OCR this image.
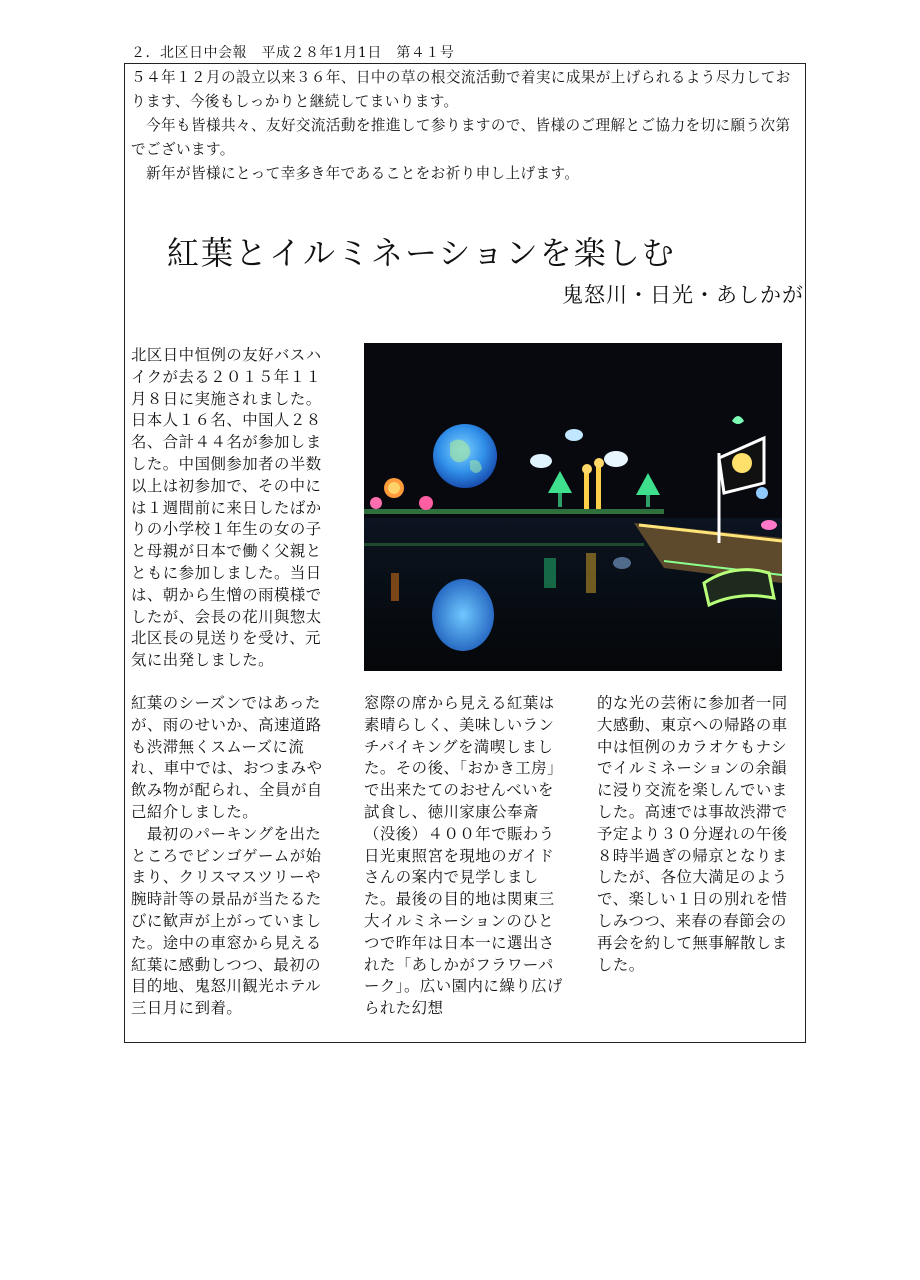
２．北区日中会報　平成２８年1月1日　第４１号

５４年１２月の設立以来３６年、日中の草の根交流活動で着実に成果が上げられるよう尽力しております、今後もしっかりと継続してまいります。

　今年も皆様共々、友好交流活動を推進して参りますので、皆様のご理解とご協力を切に願う次第でございます。

　新年が皆様にとって幸多き年であることをお祈り申し上げます。

紅葉とイルミネーションを楽しむ
鬼怒川・日光・あしかが

北区日中恒例の友好バスハイクが去る２０１５年１１月８日に実施されました。日本人１６名、中国人２８名、合計４４名が参加しました。中国側参加者の半数以上は初参加で、その中には１週間前に来日したばかりの小学校１年生の女の子と母親が日本で働く父親とともに参加しました。当日は、朝から生憎の雨模様でしたが、会長の花川與惣太北区長の見送りを受け、元気に出発しました。

紅葉のシーズンではあったが、雨のせいか、高速道路も渋滞無くスムーズに流れ、車中では、おつまみや飲み物が配られ、全員が自己紹介しました。

　最初のパーキングを出たところでビンゴゲームが始まり、クリスマスツリーや腕時計等の景品が当たるたびに歓声が上がっていました。途中の車窓から見える紅葉に感動しつつ、最初の目的地、鬼怒川観光ホテル三日月に到着。

窓際の席から見える紅葉は素晴らしく、美味しいランチバイキングを満喫しました。その後、「おかき工房」で出来たてのおせんべいを試食し、徳川家康公奉斎（没後）４００年で賑わう日光東照宮を現地のガイドさんの案内で見学しました。最後の目的地は関東三大イルミネーションのひとつで昨年は日本一に選出された「あしかがフラワーパーク」。広い園内に繰り広げられた幻想

的な光の芸術に参加者一同大感動、東京への帰路の車中は恒例のカラオケもナシでイルミネーションの余韻に浸り交流を楽しんでいました。高速では事故渋滞で予定より３０分遅れの午後８時半過ぎの帰京となりましたが、各位大満足のようで、楽しい１日の別れを惜しみつつ、来春の春節会の再会を約して無事解散しました。
